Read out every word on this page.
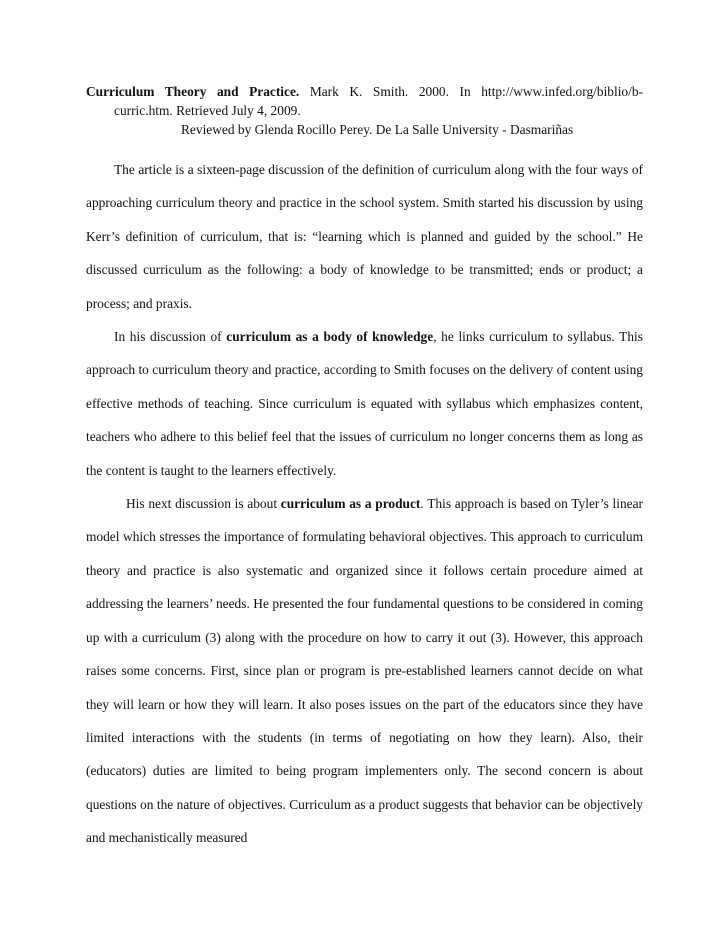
Curriculum Theory and Practice. Mark K. Smith. 2000. In http://www.infed.org/biblio/b-
curric.htm. Retrieved July 4, 2009.
Reviewed by Glenda Rocillo Perey. De La Salle University - Dasmariñas

The article is a sixteen-page discussion of the definition of curriculum along with the four ways of approaching curriculum theory and practice in the school system. Smith started his discussion by using Kerr’s definition of curriculum, that is: “learning which is planned and guided by the school.” He discussed curriculum as the following: a body of knowledge to be transmitted; ends or product; a process; and praxis.

In his discussion of curriculum as a body of knowledge, he links curriculum to syllabus. This approach to curriculum theory and practice, according to Smith focuses on the delivery of content using effective methods of teaching. Since curriculum is equated with syllabus which emphasizes content, teachers who adhere to this belief feel that the issues of curriculum no longer concerns them as long as the content is taught to the learners effectively.

His next discussion is about curriculum as a product. This approach is based on Tyler’s linear model which stresses the importance of formulating behavioral objectives. This approach to curriculum theory and practice is also systematic and organized since it follows certain procedure aimed at addressing the learners’ needs. He presented the four fundamental questions to be considered in coming up with a curriculum (3) along with the procedure on how to carry it out (3). However, this approach raises some concerns. First, since plan or program is pre-established learners cannot decide on what they will learn or how they will learn. It also poses issues on the part of the educators since they have limited interactions with the students (in terms of negotiating on how they learn). Also, their (educators) duties are limited to being program implementers only. The second concern is about questions on the nature of objectives. Curriculum as a product suggests that behavior can be objectively and mechanistically measured
